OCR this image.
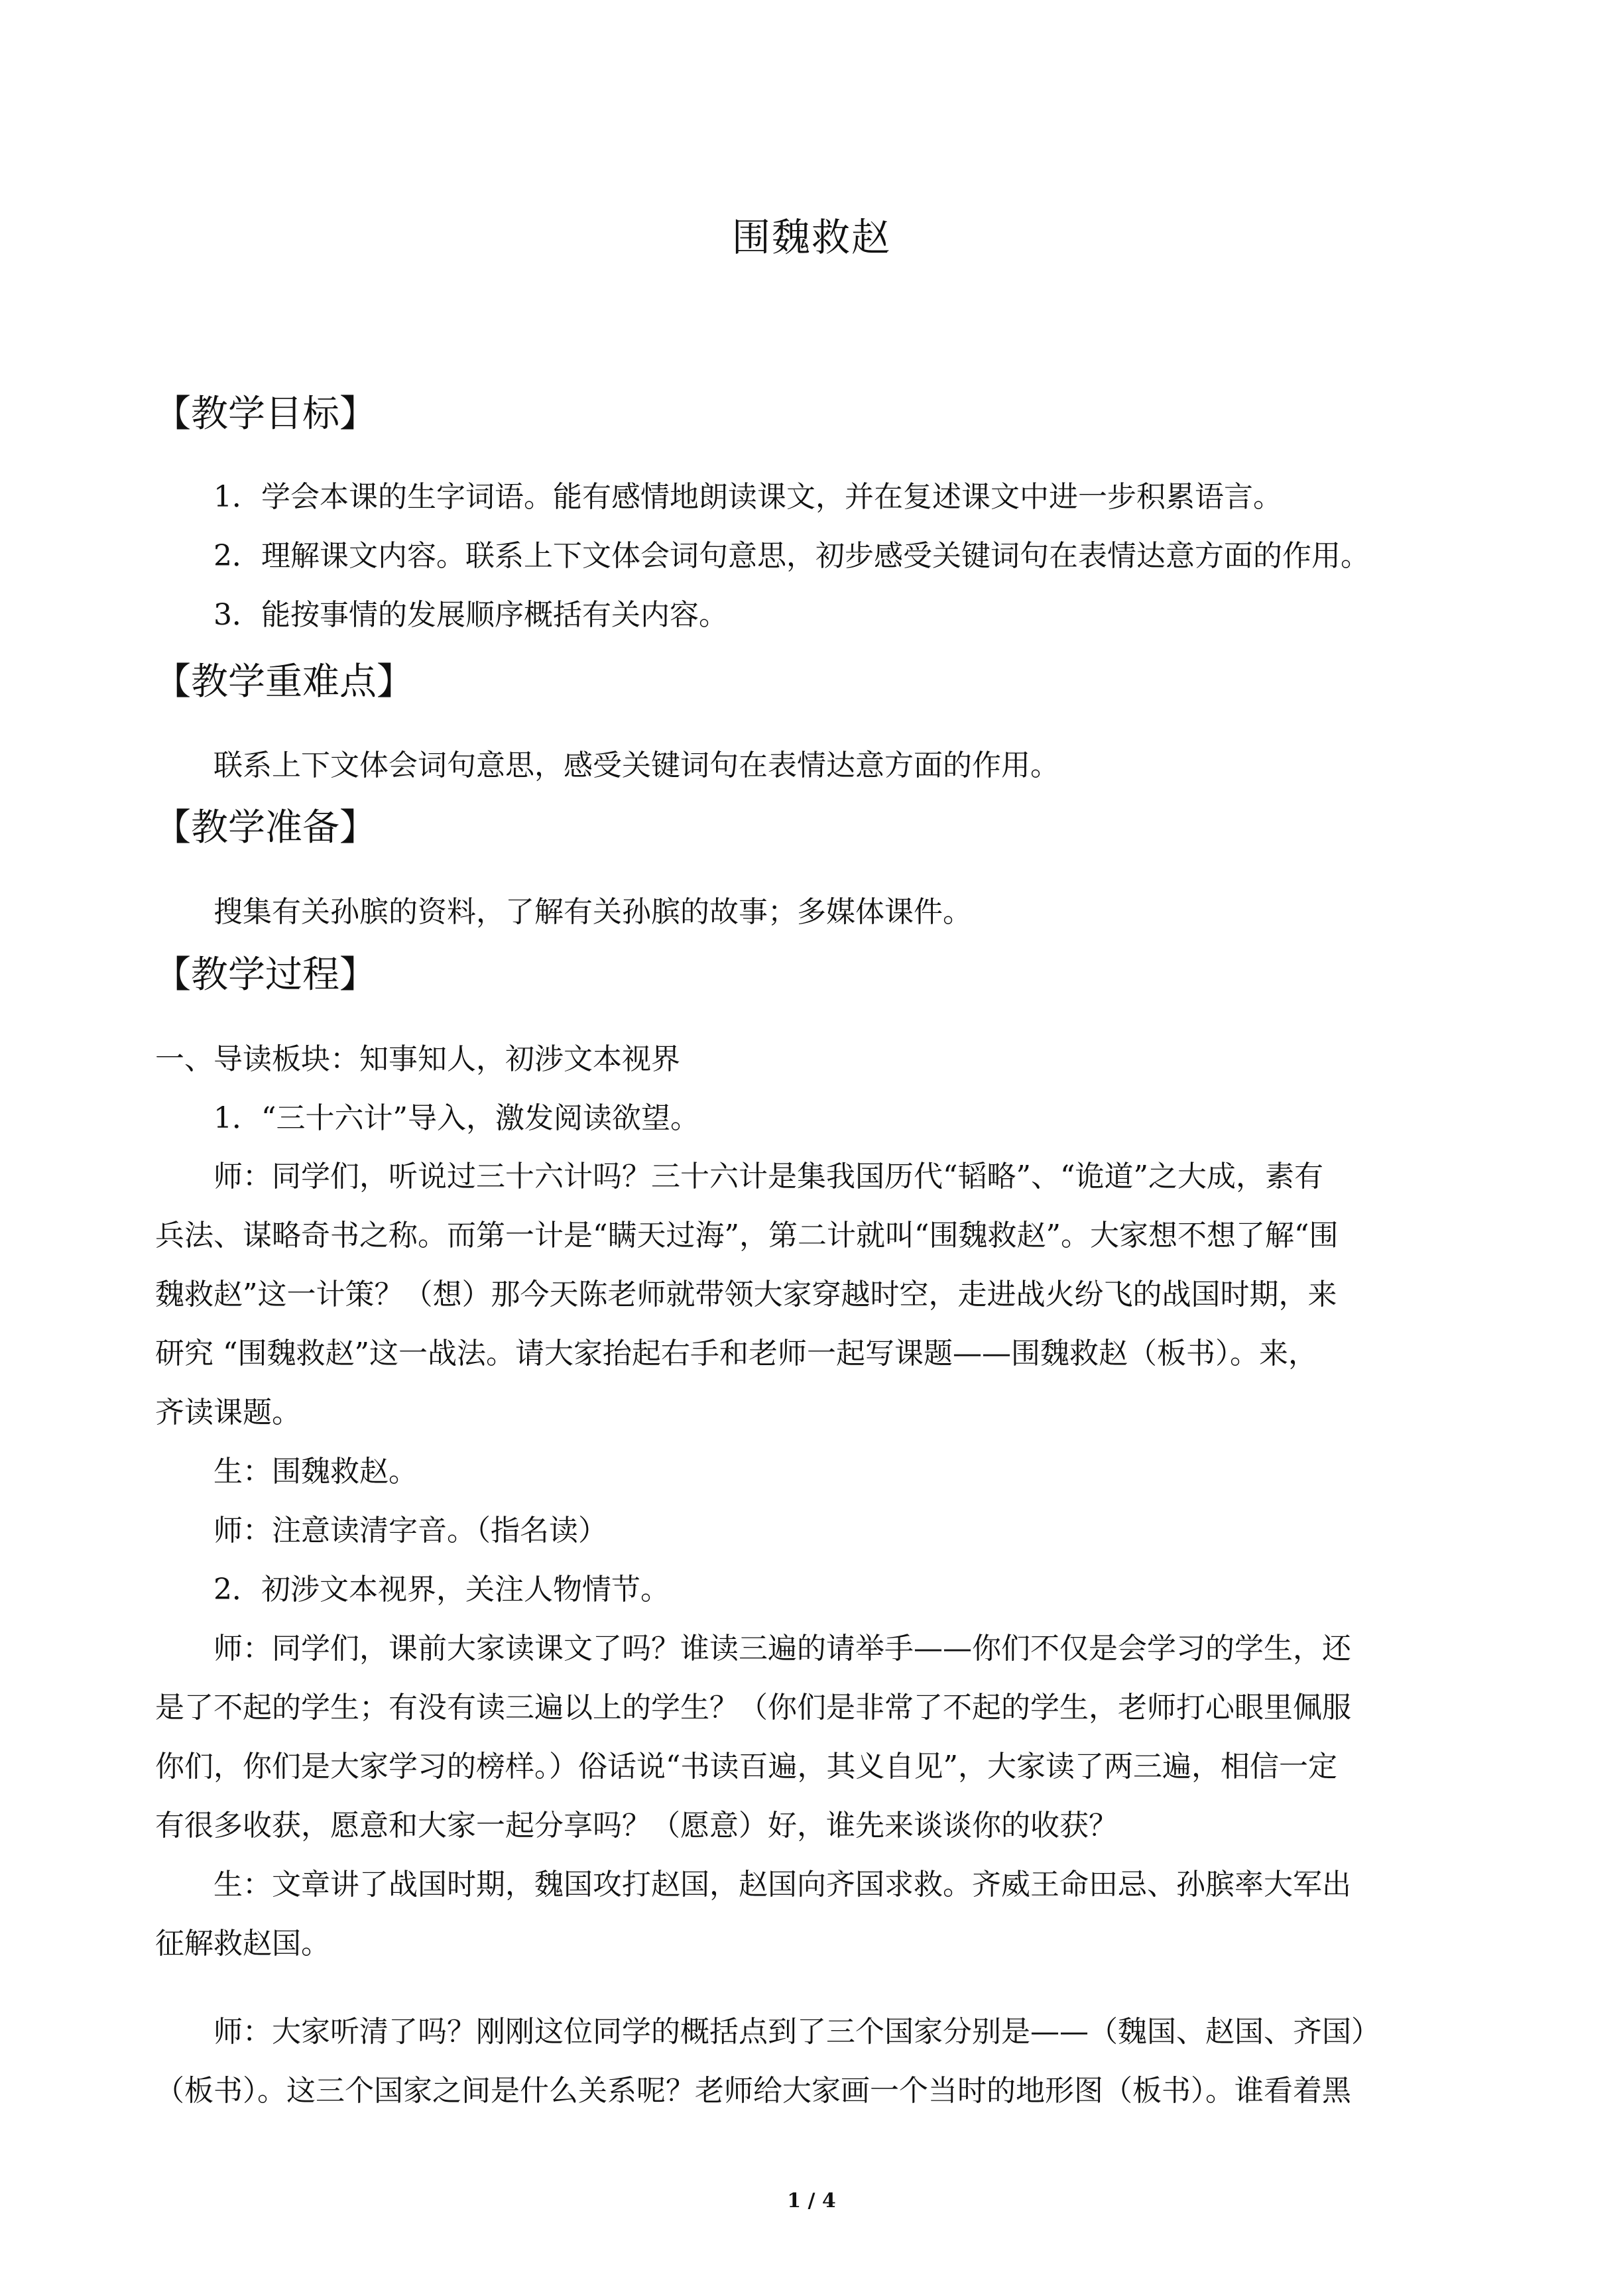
围魏救赵
【教学目标】
1．学会本课的生字词语。能有感情地朗读课文，并在复述课文中进一步积累语言。
2．理解课文内容。联系上下文体会词句意思，初步感受关键词句在表情达意方面的作用。
3．能按事情的发展顺序概括有关内容。
【教学重难点】
联系上下文体会词句意思，感受关键词句在表情达意方面的作用。
【教学准备】
搜集有关孙膑的资料，了解有关孙膑的故事；多媒体课件。
【教学过程】
一、导读板块：知事知人，初涉文本视界
1．“三十六计”导入，激发阅读欲望。
师：同学们，听说过三十六计吗？三十六计是集我国历代“韬略”、“诡道”之大成，素有
兵法、谋略奇书之称。而第一计是“瞒天过海”，第二计就叫“围魏救赵”。大家想不想了解“围
魏救赵”这一计策？（想）那今天陈老师就带领大家穿越时空，走进战火纷飞的战国时期，来
研究 “围魏救赵”这一战法。请大家抬起右手和老师一起写课题——围魏救赵（板书）。来，
齐读课题。
生：围魏救赵。
师：注意读清字音。（指名读）
2．初涉文本视界，关注人物情节。
师：同学们，课前大家读课文了吗？谁读三遍的请举手——你们不仅是会学习的学生，还
是了不起的学生；有没有读三遍以上的学生？（你们是非常了不起的学生，老师打心眼里佩服
你们，你们是大家学习的榜样。）俗话说“书读百遍，其义自见”，大家读了两三遍，相信一定
有很多收获，愿意和大家一起分享吗？（愿意）好，谁先来谈谈你的收获？
生：文章讲了战国时期，魏国攻打赵国，赵国向齐国求救。齐威王命田忌、孙膑率大军出
征解救赵国。
师：大家听清了吗？刚刚这位同学的概括点到了三个国家分别是——（魏国、赵国、齐国）
（板书）。这三个国家之间是什么关系呢？老师给大家画一个当时的地形图（板书）。谁看着黑
1 / 4
